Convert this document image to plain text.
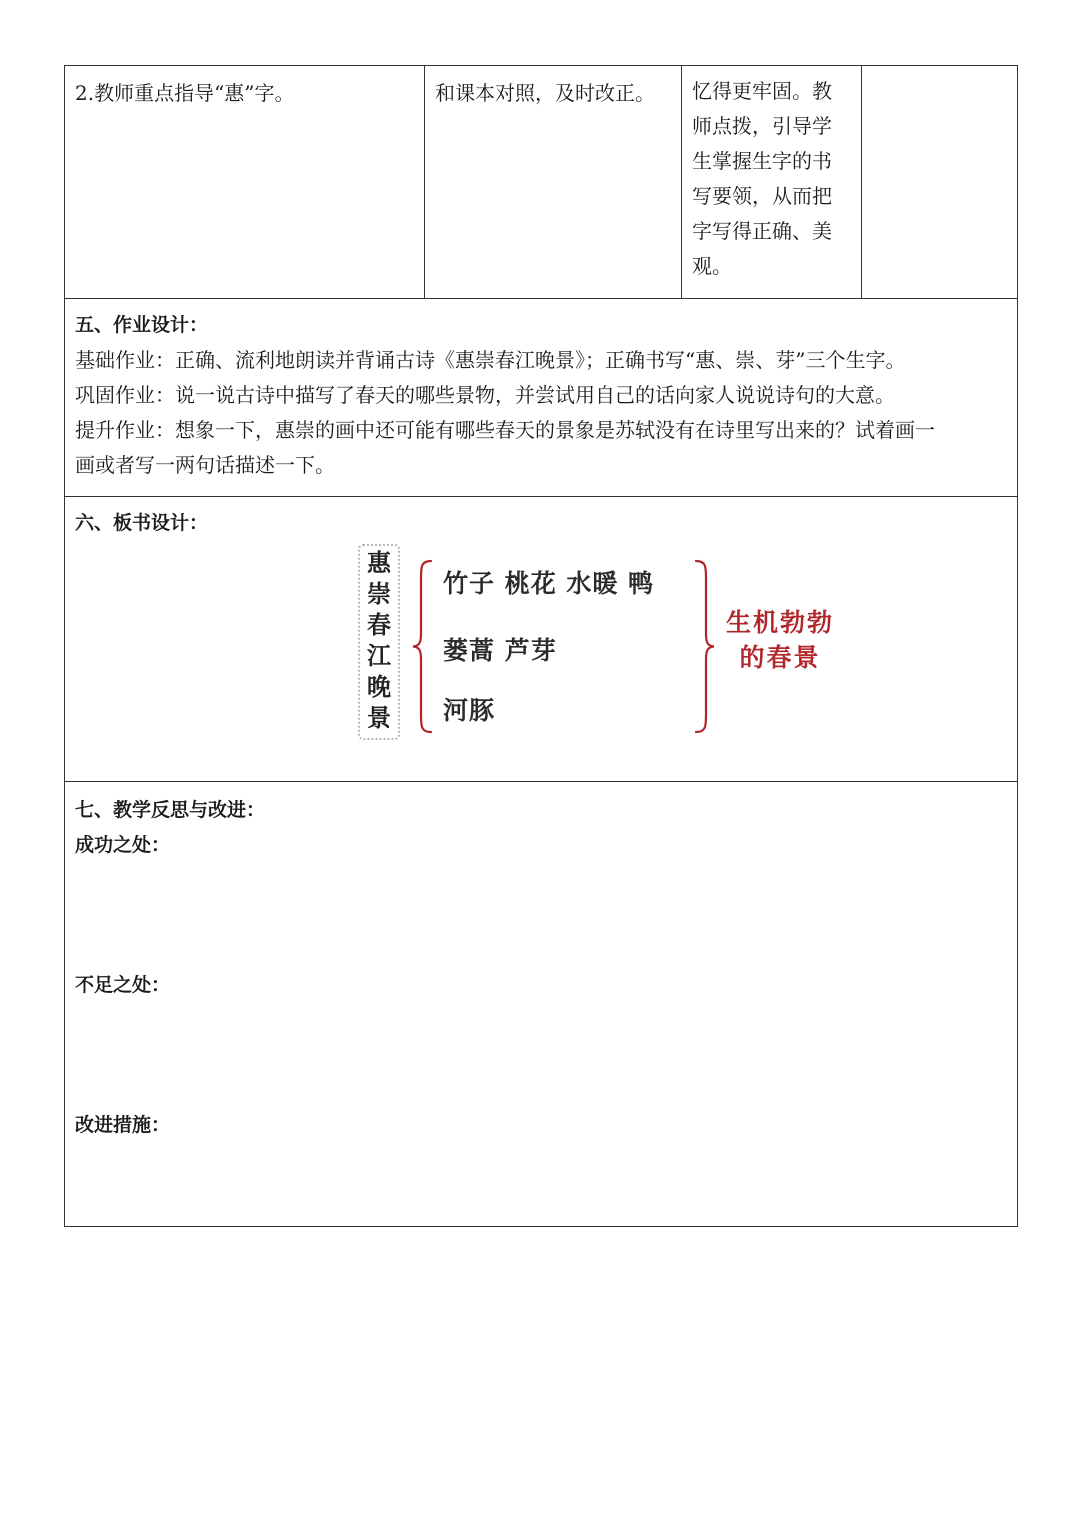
2.教师重点指导“惠”字。	和课本对照，及时改正。	忆得更牢固。教
师点拨，引导学
生掌握生字的书
写要领，从而把
字写得正确、美
观。

五、作业设计：
基础作业：正确、流利地朗读并背诵古诗《惠崇春江晚景》；正确书写“惠、崇、芽”三个生字。
巩固作业：说一说古诗中描写了春天的哪些景物，并尝试用自己的话向家人说说诗句的大意。
提升作业：想象一下，惠崇的画中还可能有哪些春天的景象是苏轼没有在诗里写出来的？试着画一
画或者写一两句话描述一下。

六、板书设计：
惠
崇
春
江
晚
景
竹子 桃花 水暖 鸭
蒌蒿 芦芽
河豚
生机勃勃
的春景

七、教学反思与改进：
成功之处：
不足之处：
改进措施：
